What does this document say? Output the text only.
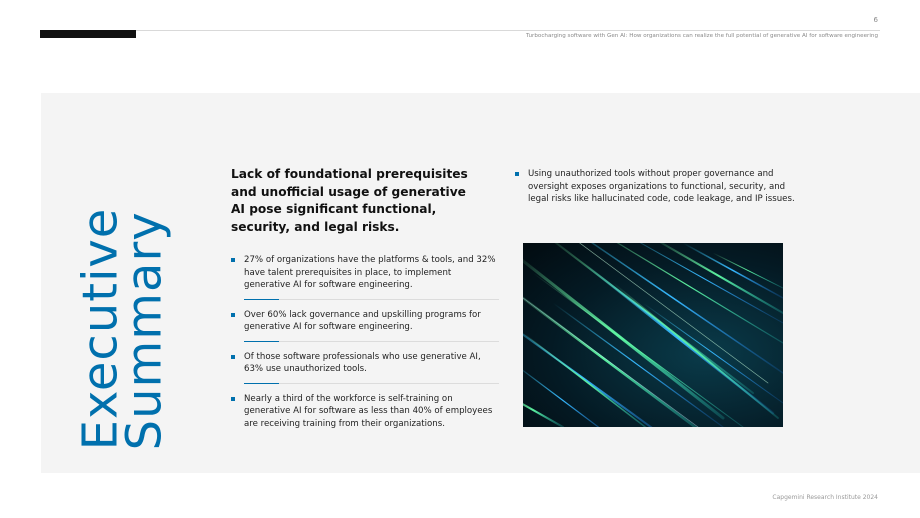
6
Turbocharging software with Gen AI: How organizations can realize the full potential of generative AI for software engineering
Executive
Summary
Lack of foundational prerequisites and unofficial usage of generative AI pose significant functional, security, and legal risks.
27% of organizations have the platforms & tools, and 32% have talent prerequisites in place, to implement generative AI for software engineering.
Over 60% lack governance and upskilling programs for generative AI for software engineering.
Of those software professionals who use generative AI, 63% use unauthorized tools.
Nearly a third of the workforce is self-training on generative AI for software as less than 40% of employees are receiving training from their organizations.
Using unauthorized tools without proper governance and oversight exposes organizations to functional, security, and legal risks like hallucinated code, code leakage, and IP issues.
Capgemini Research Institute 2024
